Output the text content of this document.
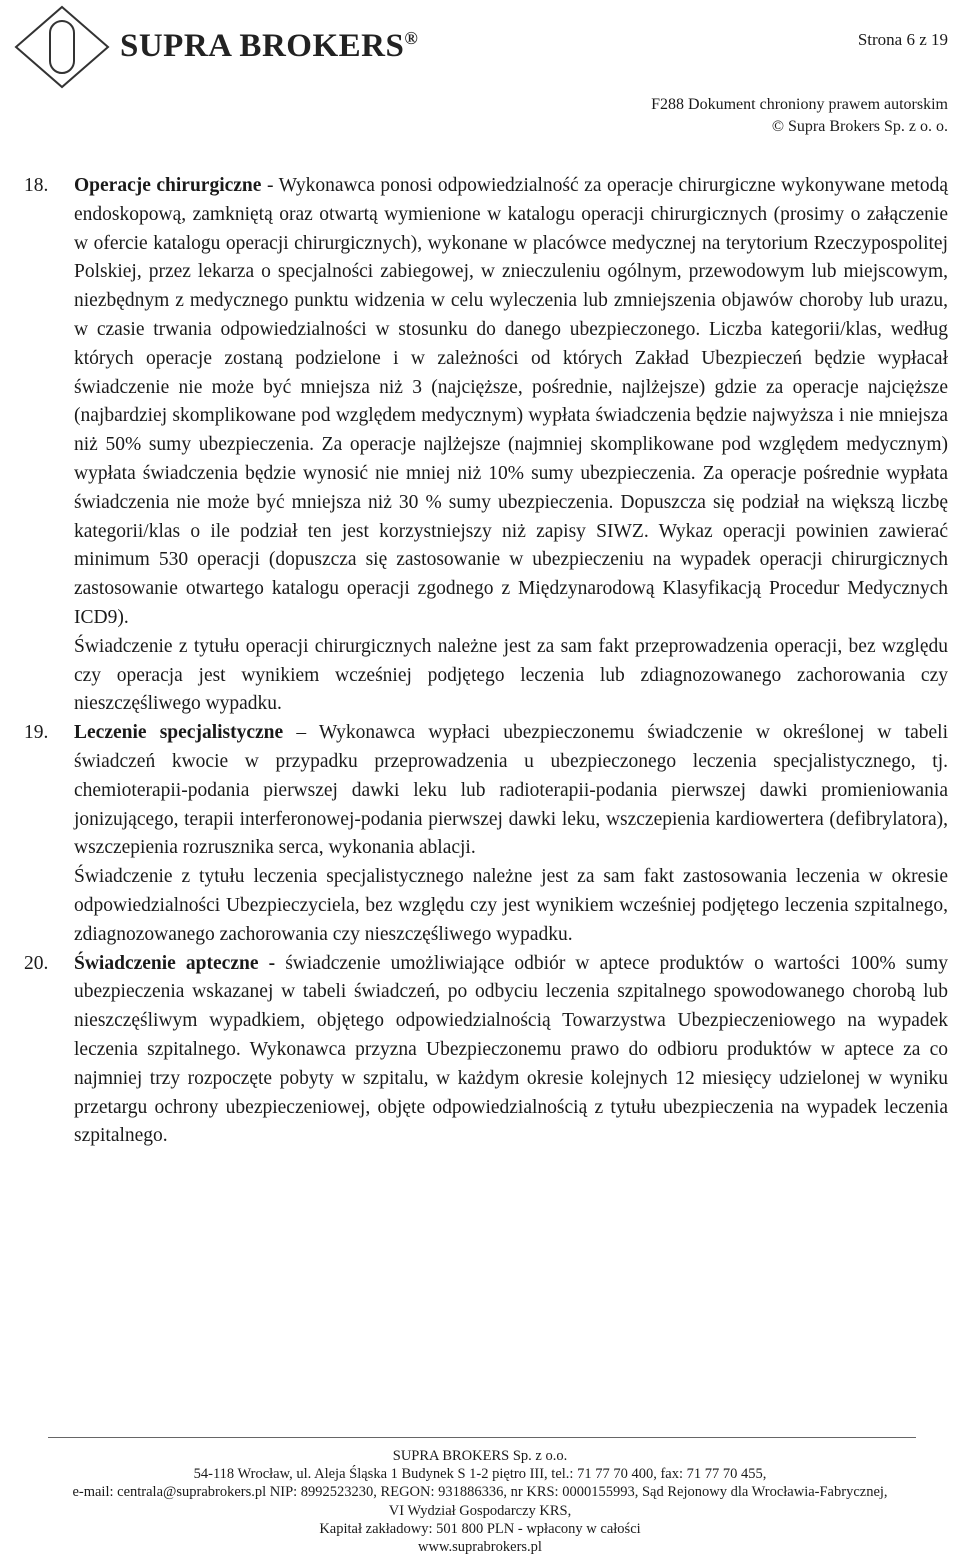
SUPRA BROKERS®	Strona 6 z 19
F288 Dokument chroniony prawem autorskim
© Supra Brokers Sp. z o. o.
18.	Operacje chirurgiczne - Wykonawca ponosi odpowiedzialność za operacje chirurgiczne wykonywane metodą endoskopową, zamkniętą oraz otwartą wymienione w katalogu operacji chirurgicznych (prosimy o załączenie w ofercie katalogu operacji chirurgicznych), wykonane w placówce medycznej na terytorium Rzeczypospolitej Polskiej, przez lekarza o specjalności zabiegowej, w znieczuleniu ogólnym, przewodowym lub miejscowym, niezbędnym z medycznego punktu widzenia w celu wyleczenia lub zmniejszenia objawów choroby lub urazu, w czasie trwania odpowiedzialności w stosunku do danego ubezpieczonego. Liczba kategorii/klas, według których operacje zostaną podzielone i w zależności od których Zakład Ubezpieczeń będzie wypłacał świadczenie nie może być mniejsza niż 3 (najcięższe, pośrednie, najlżejsze) gdzie za operacje najcięższe (najbardziej skomplikowane pod względem medycznym) wypłata świadczenia będzie najwyższa i nie mniejsza niż 50% sumy ubezpieczenia. Za operacje najlżejsze (najmniej skomplikowane pod względem medycznym) wypłata świadczenia będzie wynosić nie mniej niż 10% sumy ubezpieczenia. Za operacje pośrednie wypłata świadczenia nie może być mniejsza niż 30 % sumy ubezpieczenia. Dopuszcza się podział na większą liczbę kategorii/klas o ile podział ten jest korzystniejszy niż zapisy SIWZ. Wykaz operacji powinien zawierać minimum 530 operacji (dopuszcza się zastosowanie w ubezpieczeniu na wypadek operacji chirurgicznych zastosowanie otwartego katalogu operacji zgodnego z Międzynarodową Klasyfikacją Procedur Medycznych ICD9).

Świadczenie z tytułu operacji chirurgicznych należne jest za sam fakt przeprowadzenia operacji, bez względu czy operacja jest wynikiem wcześniej podjętego leczenia lub zdiagnozowanego zachorowania czy nieszczęśliwego wypadku.

19.	Leczenie specjalistyczne – Wykonawca wypłaci ubezpieczonemu świadczenie w określonej w tabeli świadczeń kwocie w przypadku przeprowadzenia u ubezpieczonego leczenia specjalistycznego, tj. chemioterapii-podania pierwszej dawki leku lub radioterapii-podania pierwszej dawki promieniowania jonizującego, terapii interferonowej-podania pierwszej dawki leku, wszczepienia kardiowertera (defibrylatora), wszczepienia rozrusznika serca, wykonania ablacji.

Świadczenie z tytułu leczenia specjalistycznego należne jest za sam fakt zastosowania leczenia w okresie odpowiedzialności Ubezpieczyciela, bez względu czy jest wynikiem wcześniej podjętego leczenia szpitalnego, zdiagnozowanego zachorowania czy nieszczęśliwego wypadku.

20.	Świadczenie apteczne - świadczenie umożliwiające odbiór w aptece produktów o wartości 100% sumy ubezpieczenia wskazanej w tabeli świadczeń, po odbyciu leczenia szpitalnego spowodowanego chorobą lub nieszczęśliwym wypadkiem, objętego odpowiedzialnością Towarzystwa Ubezpieczeniowego na wypadek leczenia szpitalnego. Wykonawca przyzna Ubezpieczonemu prawo do odbioru produktów w aptece za co najmniej trzy rozpoczęte pobyty w szpitalu, w każdym okresie kolejnych 12 miesięcy udzielonej w wyniku przetargu ochrony ubezpieczeniowej, objęte odpowiedzialnością z tytułu ubezpieczenia na wypadek leczenia szpitalnego.

SUPRA BROKERS Sp. z o.o.
54-118 Wrocław, ul. Aleja Śląska 1 Budynek S 1-2 piętro III, tel.: 71 77 70 400, fax: 71 77 70 455,
e-mail: centrala@suprabrokers.pl NIP: 8992523230, REGON: 931886336, nr KRS: 0000155993, Sąd Rejonowy dla Wrocławia-Fabrycznej,
VI Wydział Gospodarczy KRS,
Kapitał zakładowy: 501 800 PLN - wpłacony w całości
www.suprabrokers.pl
